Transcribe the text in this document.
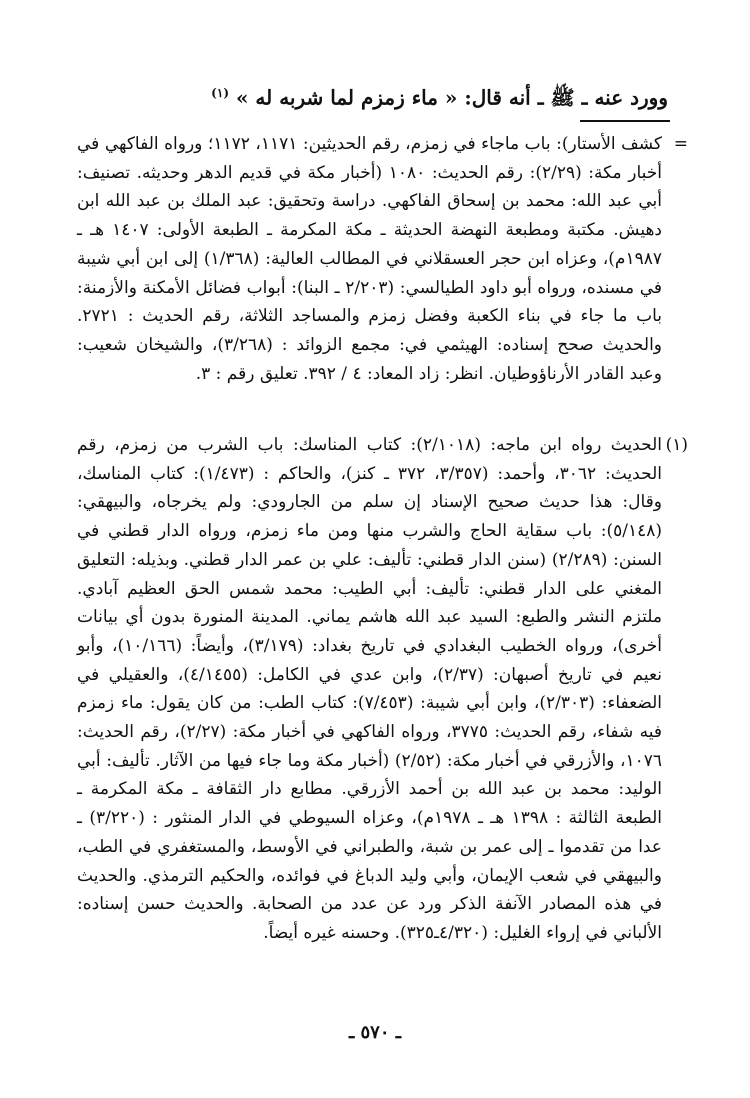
وورد عنه ـ ﷺ ـ أنه قال: « ماء زمزم لما شربه له » $^{(١)}$
=
كشف الأستار): باب ماجاء في زمزم، رقم الحديثين: ١١٧١، ١١٧٢؛ ورواه الفاكهي في أخبار مكة: (٢/٢٩): رقم الحديث: ١٠٨٠ (أخبار مكة في قديم الدهر وحديثه. تصنيف: أبي عبد الله: محمد بن إسحاق الفاكهي. دراسة وتحقيق: عبد الملك بن عبد الله ابن دهيش. مكتبة ومطبعة النهضة الحديثة ـ مكة المكرمة ـ الطبعة الأولى: ١٤٠٧ هـ ـ ١٩٨٧م)، وعزاه ابن حجر العسقلاني في المطالب العالية: (١/٣٦٨) إلى ابن أبي شيبة في مسنده، ورواه أبو داود الطيالسي: (٢/٢٠٣ ـ البنا): أبواب فضائل الأمكنة والأزمنة: باب ما جاء في بناء الكعبة وفضل زمزم والمساجد الثلاثة، رقم الحديث : ٢٧٢١. والحديث صحح إسناده: الهيثمي في: مجمع الزوائد : (٣/٢٦٨)، والشيخان شعيب: وعبد القادر الأرناؤوطيان. انظر: زاد المعاد: ٤ / ٣٩٢. تعليق رقم : ٣.
(١)
الحديث رواه ابن ماجه: (٢/١٠١٨): كتاب المناسك: باب الشرب من زمزم، رقم الحديث: ٣٠٦٢، وأحمد: (٣/٣٥٧، ٣٧٢ ـ كنز)، والحاكم : (١/٤٧٣): كتاب المناسك، وقال: هذا حديث صحيح الإسناد إن سلم من الجارودي: ولم يخرجاه، والبيهقي: (٥/١٤٨): باب سقاية الحاج والشرب منها ومن ماء زمزم، ورواه الدار قطني في السنن: (٢/٢٨٩) (سنن الدار قطني: تأليف: علي بن عمر الدار قطني. وبذيله: التعليق المغني على الدار قطني: تأليف: أبي الطيب: محمد شمس الحق العظيم آبادي. ملتزم النشر والطبع: السيد عبد الله هاشم يماني. المدينة المنورة بدون أي بيانات أخرى)، ورواه الخطيب البغدادي في تاريخ بغداد: (٣/١٧٩)، وأيضاً: (١٠/١٦٦)، وأبو نعيم في تاريخ أصبهان: (٢/٣٧)، وابن عدي في الكامل: (٤/١٤٥٥)، والعقيلي في الضعفاء: (٢/٣٠٣)، وابن أبي شيبة: (٧/٤٥٣): كتاب الطب: من كان يقول: ماء زمزم فيه شفاء، رقم الحديث: ٣٧٧٥، ورواه الفاكهي في أخبار مكة: (٢/٢٧)، رقم الحديث: ١٠٧٦، والأزرقي في أخبار مكة: (٢/٥٢) (أخبار مكة وما جاء فيها من الآثار. تأليف: أبي الوليد: محمد بن عبد الله بن أحمد الأزرقي. مطابع دار الثقافة ـ مكة المكرمة ـ الطبعة الثالثة : ١٣٩٨ هـ ـ ١٩٧٨م)، وعزاه السيوطي في الدار المنثور : (٣/٢٢٠) ـ عدا من تقدموا ـ إلى عمر بن شبة، والطبراني في الأوسط، والمستغفري في الطب، والبيهقي في شعب الإيمان، وأبي وليد الدباغ في فوائده، والحكيم الترمذي. والحديث في هذه المصادر الآنفة الذكر ورد عن عدد من الصحابة. والحديث حسن إسناده: الألباني في إرواء الغليل: (٤/٣٢٠ـ٣٢٥). وحسنه غيره أيضاً.
ـ ٥٧٠ ـ
